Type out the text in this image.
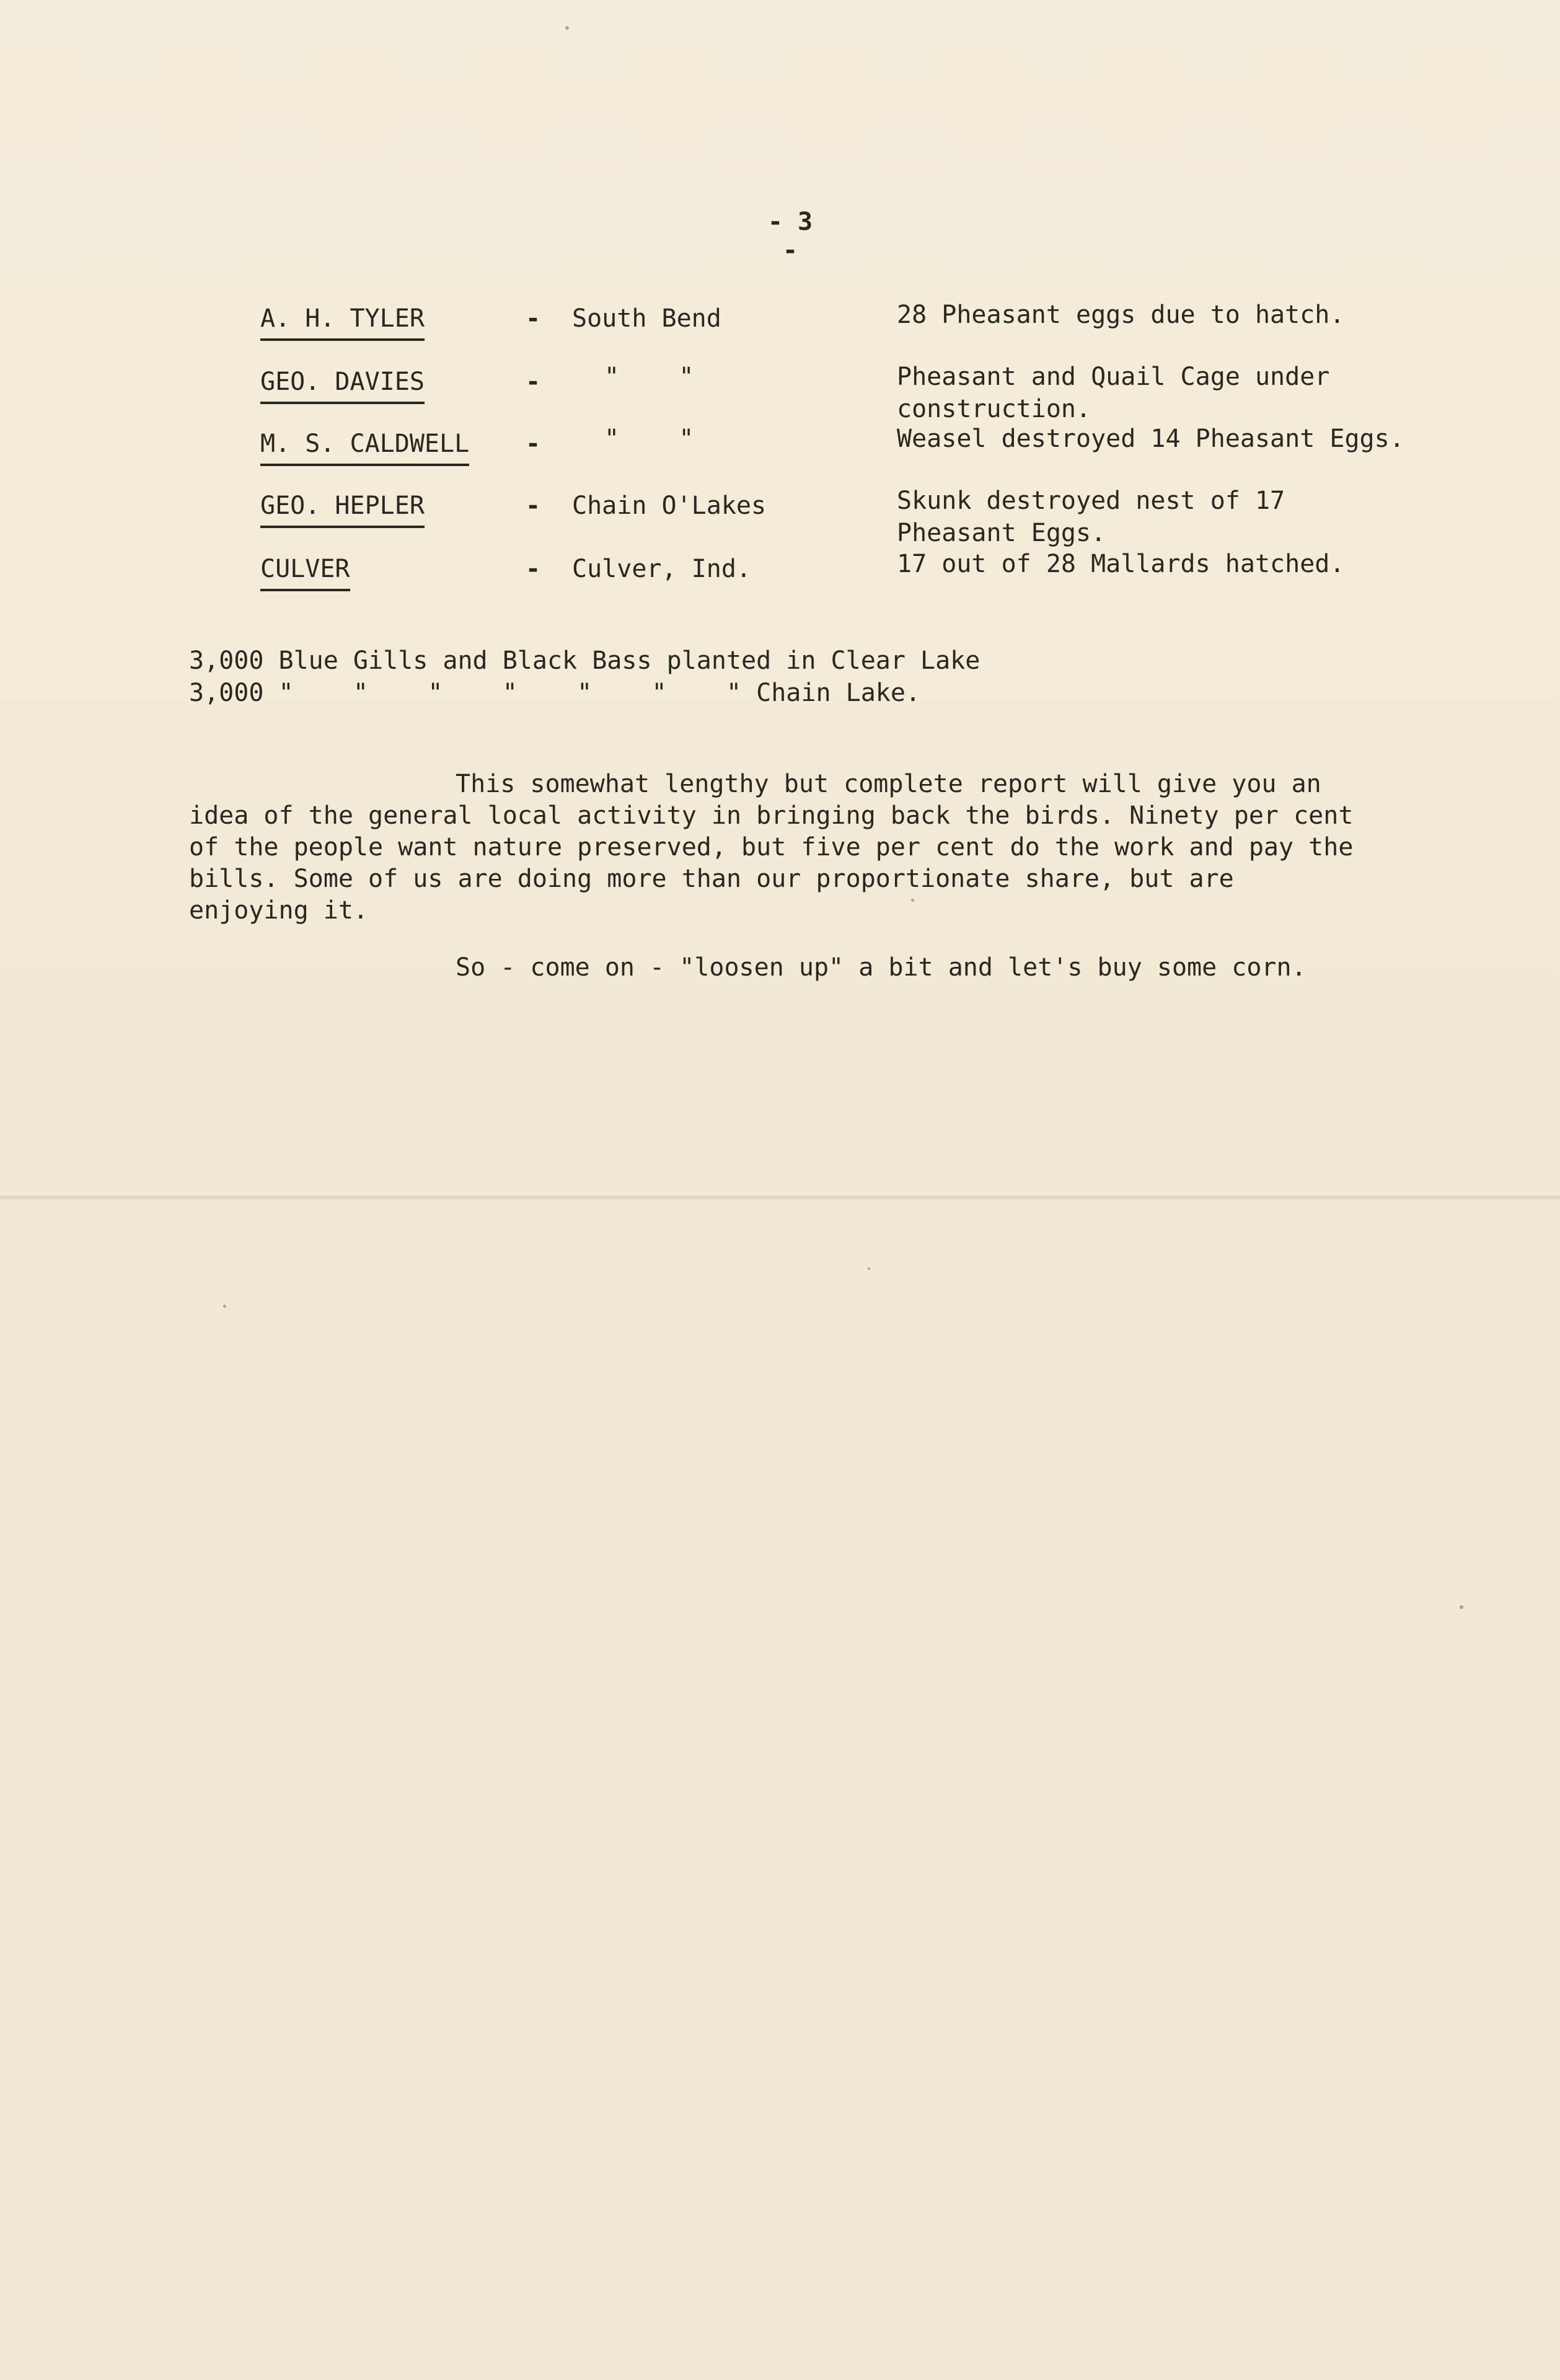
- 3 -
A. H. TYLER	- South Bend	28 Pheasant eggs due to hatch.
GEO. DAVIES	-	"    "	Pheasant and Quail Cage under construction.
M. S. CALDWELL -	"    "	Weasel destroyed 14 Pheasant Eggs.
GEO. HEPLER	- Chain O'Lakes	Skunk destroyed nest of 17 Pheasant Eggs.
CULVER	- Culver, Ind.	17 out of 28 Mallards hatched.
3,000 Blue Gills and Black Bass planted in Clear Lake
3,000 "    "    "    "    "    "    " Chain Lake.
This somewhat lengthy but complete report will give you an idea of the general local activity in bringing back the birds. Ninety per cent of the people want nature preserved, but five per cent do the work and pay the bills. Some of us are doing more than our proportionate share, but are enjoying it.
So - come on - "loosen up" a bit and let's buy some corn.
